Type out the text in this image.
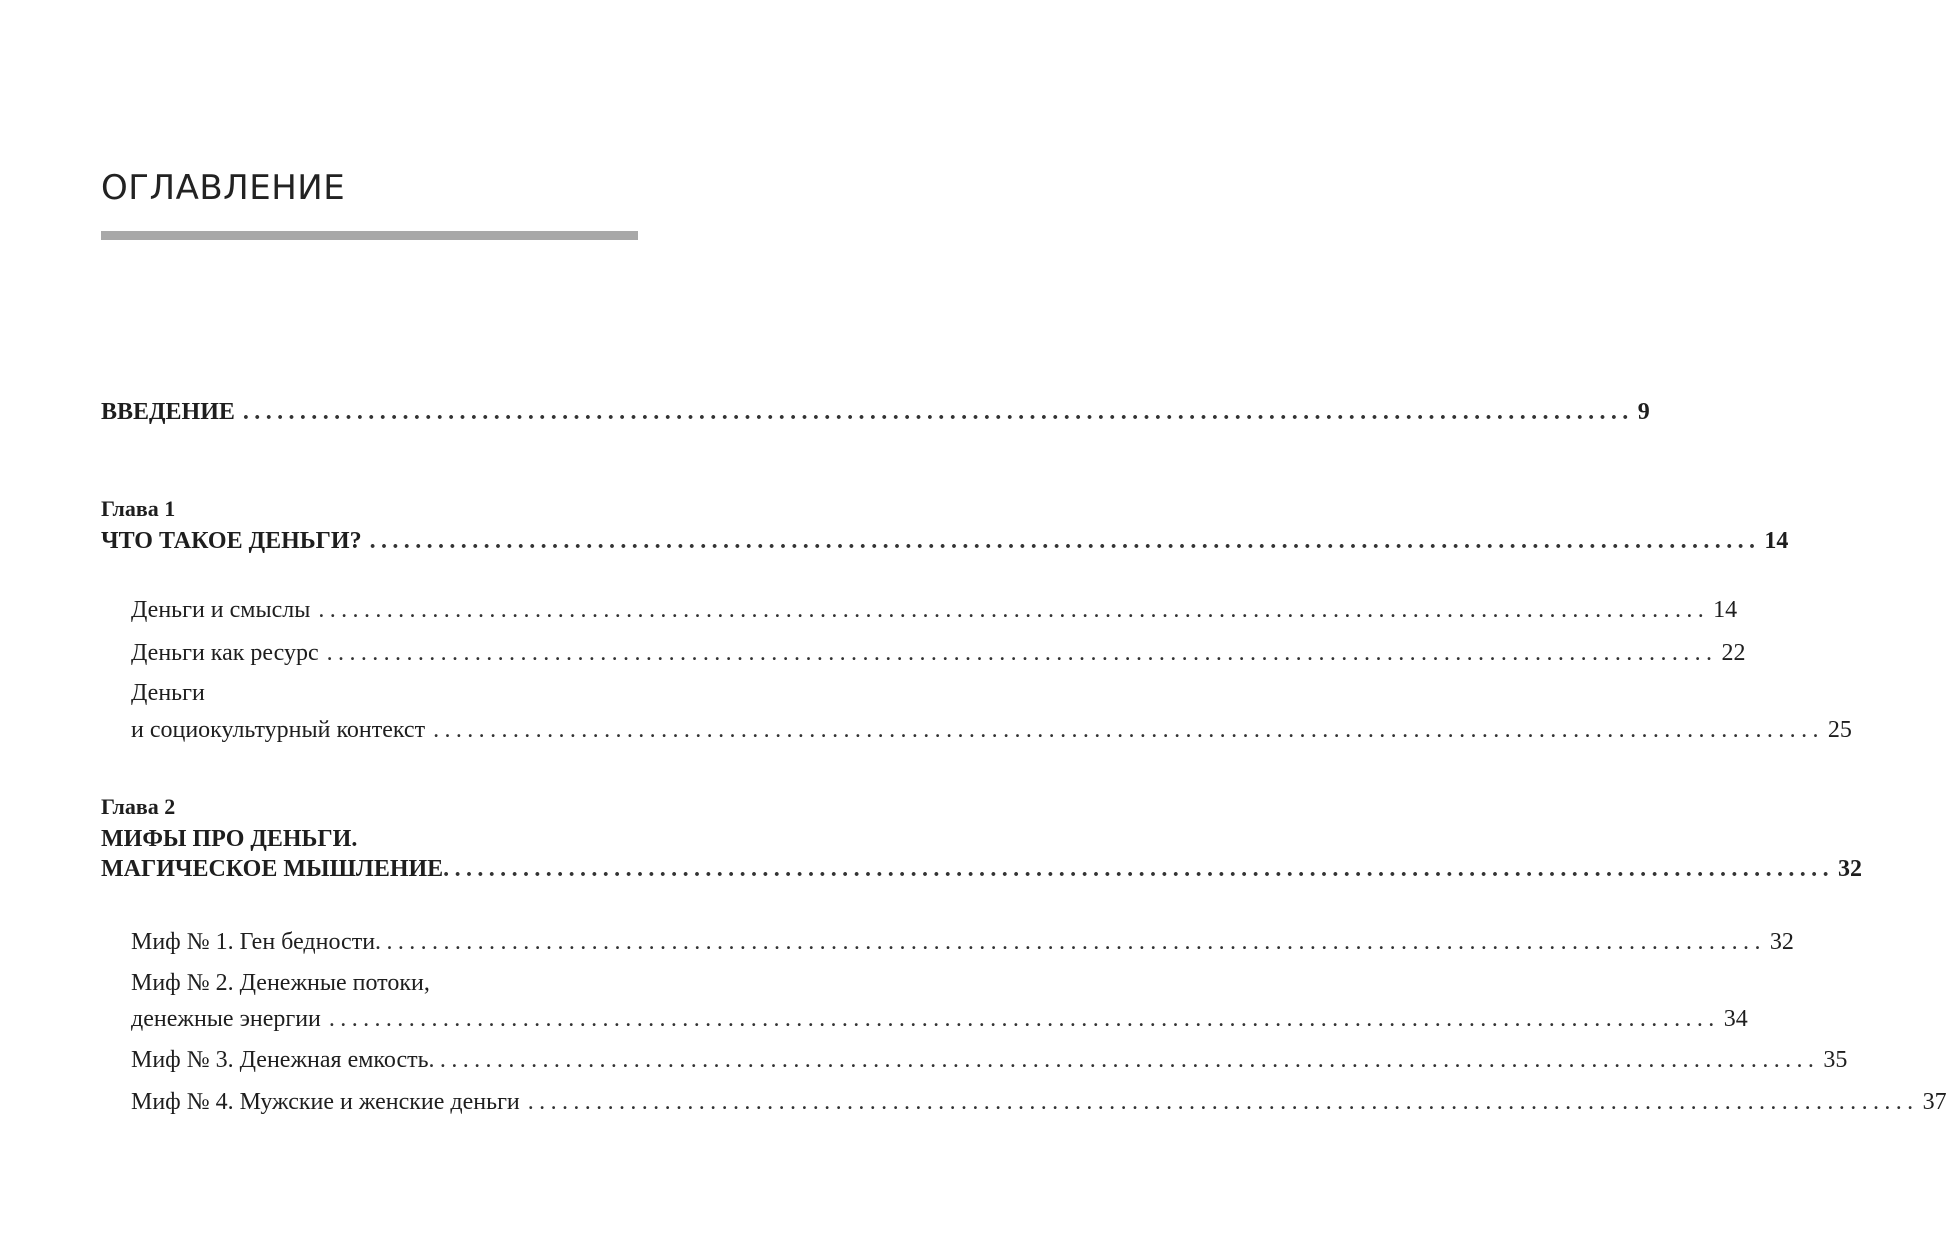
ОГЛАВЛЕНИЕ
ВВЕДЕНИЕ .......................................................................................................................... 9
Глава 1
ЧТО ТАКОЕ ДЕНЬГИ? .......................................................................................................................... 14
Деньги и смыслы .......................................................................................................................... 14
Деньги как ресурс .......................................................................................................................... 22
Деньги
и социокультурный контекст .......................................................................................................................... 25
Глава 2
МИФЫ ПРО ДЕНЬГИ.
МАГИЧЕСКОЕ МЫШЛЕНИЕ .......................................................................................................................... 32
Миф № 1. Ген бедности .......................................................................................................................... 32
Миф № 2. Денежные потоки,
денежные энергии .......................................................................................................................... 34
Миф № 3. Денежная емкость .......................................................................................................................... 35
Миф № 4. Мужские и женские деньги .......................................................................................................................... 37
